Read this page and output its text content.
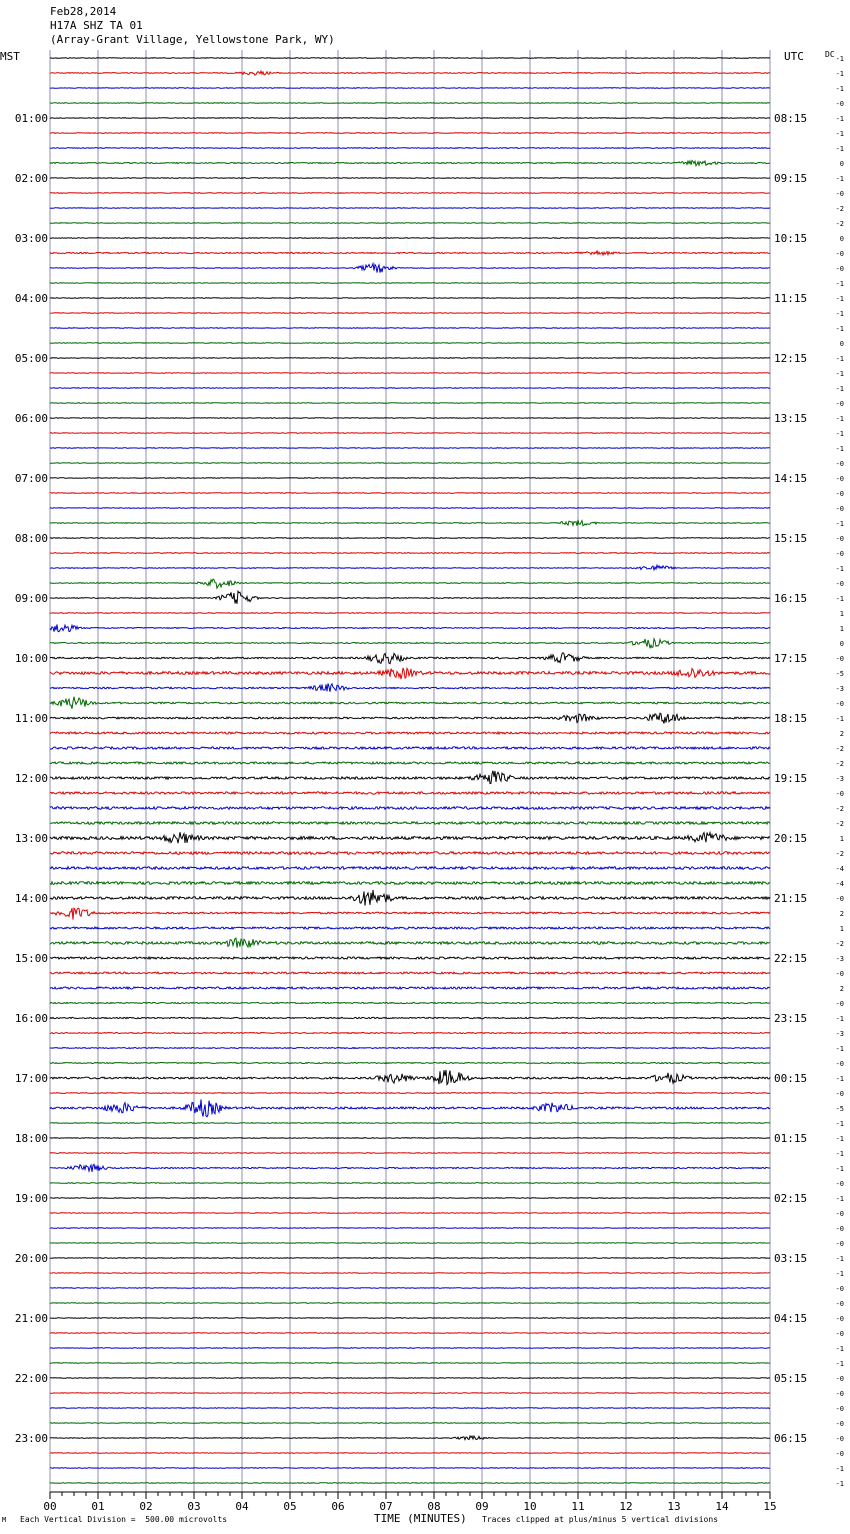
Feb28,2014
H17A SHZ TA 01
(Array-Grant Village, Yellowstone Park, WY)
MST	UTC	DC
01:00
02:00
03:00
04:00
05:00
06:00
07:00
08:00
09:00
10:00
11:00
12:00
13:00
14:00
15:00
16:00
17:00
18:00
19:00
20:00
21:00
22:00
23:00
08:15
09:15
10:15
11:15
12:15
13:15
14:15
15:15
16:15
17:15
18:15
19:15
20:15
21:15
22:15
23:15
00:15
01:15
02:15
03:15
04:15
05:15
06:15
-1
-1
-1
-0
-1
-1
-1
0
-1
-0
-2
-2
0
-0
-0
-1
-1
-1
-1
0
-1
-1
-1
-0
-1
-1
-1
-0
-0
-0
-0
-1
-0
-0
-1
-0
-1
1
1
0
-0
-5
-3
-0
-1
2
-2
-2
-3
-0
-2
-2
1
-2
-4
-4
-0
2
1
-2
-3
-0
2
-0
-1
-3
-1
-0
-1
-0
-5
-1
-1
-1
-1
-0
-1
-0
-0
-0
-1
-1
-0
-0
-0
-0
-1
-1
-0
-0
-0
-0
-0
-0
-1
-1
00	01	02	03	04	05	06	07	08	09	10	11	12	13	14	15
M Each Vertical Division =  500.00 microvolts	TIME (MINUTES) Traces clipped at plus/minus 5 vertical divisions
